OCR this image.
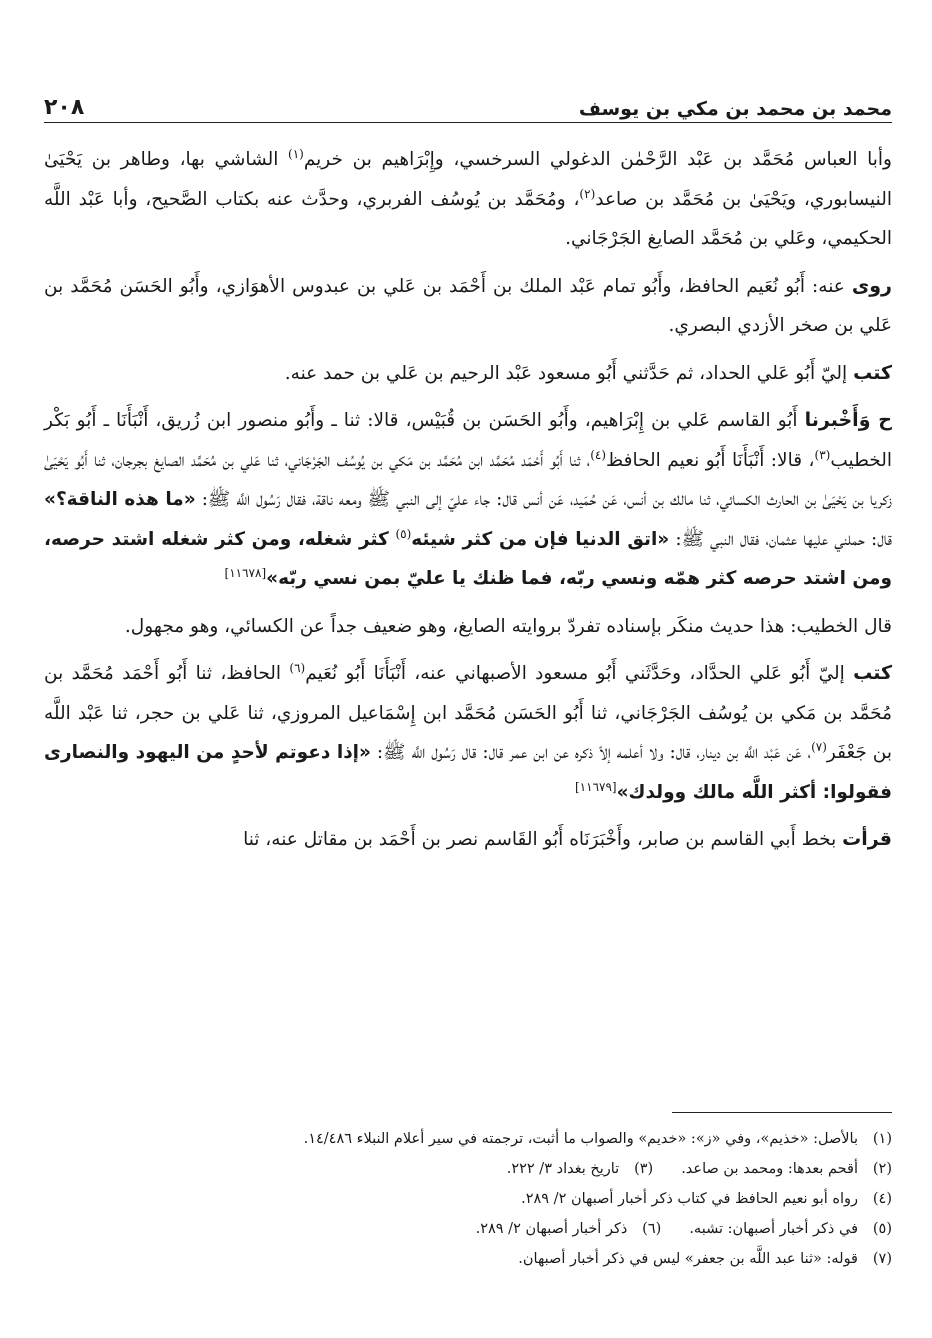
محمد بن محمد بن مكي بن يوسف
٢٠٨

وأبا العباس مُحَمَّد بن عَبْد الرَّحْمٰن الدغولي السرخسي، وإِبْرَاهيم بن خريم$^{(١)}$ الشاشي بها، وطاهر بن يَحْيَىٰ النيسابوري، ويَحْيَىٰ بن مُحَمَّد بن صاعد$^{(٢)}$، ومُحَمَّد بن يُوسُف الفربري، وحدَّث عنه بكتاب الصَّحيح، وأبا عَبْد اللَّه الحكيمي، وعَلي بن مُحَمَّد الصايغ الجَرْجَاني.

روى عنه: أَبُو نُعَيم الحافظ، وأَبُو تمام عَبْد الملك بن أَحْمَد بن عَلي بن عبدوس الأهوَازي، وأَبُو الحَسَن مُحَمَّد بن عَلي بن صخر الأزدي البصري.

كتب إليّ أَبُو عَلي الحداد، ثم حَدَّثني أَبُو مسعود عَبْد الرحيم بن عَلي بن حمد عنه.

ح وَأَخْبرنا أَبُو القاسم عَلي بن إِبْرَاهيم، وأَبُو الحَسَن بن قُبَيْس، قالا: ثنا ـ وأَبُو منصور ابن زُريق، أَنْبَأَنَا ـ أَبُو بَكْر الخطيب$^{(٣)}$، قالا: أَنْبَأَنَا أَبُو نعيم الحافظ$^{(٤)}$، ثنا أَبُو أَحْمَد مُحَمَّد ابن مُحَمَّد بن مَكي بن يُوسُف الجَرْجَاني، ثنا عَلي بن مُحَمَّد الصايغ بجرجان، ثنا أَبُو يَحْيَىٰ زكريا بن يَحْيَىٰ بن الحارث الكسائي، ثنا مالك بن أنس، عَن حُمَيد، عَن أنس قال: جاء عليّ إلى النبي ﷺ ومعه ناقة، فقال رَسُول اللَّه ﷺ: «ما هذه الناقة؟» قال: حملني عليها عثمان، فقال النبي ﷺ: «اتق الدنيا فإن من كثر شيئه$^{(٥)}$ كثر شغله، ومن كثر شغله اشتد حرصه، ومن اشتد حرصه كثر همّه ونسي ربّه، فما ظنك يا عليّ بمن نسي ربّه»[١١٦٧٨]

قال الخطيب: هذا حديث منكَر بإسناده تفردّ بروايته الصايغ، وهو ضعيف جداً عن الكسائي، وهو مجهول.

كتب إليّ أَبُو عَلي الحدَّاد، وحَدَّثَني أَبُو مسعود الأصبهاني عنه، أَنْبَأَنَا أَبُو نُعَيم$^{(٦)}$ الحافظ، ثنا أَبُو أَحْمَد مُحَمَّد بن مُحَمَّد بن مَكي بن يُوسُف الجَرْجَاني، ثنا أَبُو الحَسَن مُحَمَّد ابن إِسْمَاعيل المروزي، ثنا عَلي بن حجر، ثنا عَبْد اللَّه بن جَعْفَر$^{(٧)}$، عَن عَبْد اللَّه بن دينار، قال: ولا أعلمه إلاّ ذكره عن ابن عمر قال: قال رَسُول اللَّه ﷺ: «إذا دعوتم لأحدٍ من اليهود والنصارى فقولوا: أكثر اللَّه مالك وولدك»[١١٦٧٩]

قرأت بخط أَبي القاسم بن صابر، وأَخْبَرَنَاه أَبُو القَاسم نصر بن أَحْمَد بن مقاتل عنه، ثنا

(١)بالأصل: «خذيم»، وفي «ز»: «خديم» والصواب ما أثبت، ترجمته في سير أعلام النبلاء ١٤/٤٨٦.
(٢)أقحم بعدها: ومحمد بن صاعد.
(٣)تاريخ بغداد ٣/ ٢٢٢.
(٤)رواه أبو نعيم الحافظ في كتاب ذكر أخبار أصبهان ٢/ ٢٨٩.
(٥)في ذكر أخبار أصبهان: تشبه.
(٦)ذكر أخبار أصبهان ٢/ ٢٨٩.
(٧)قوله: «ثنا عبد اللَّه بن جعفر» ليس في ذكر أخبار أصبهان.
